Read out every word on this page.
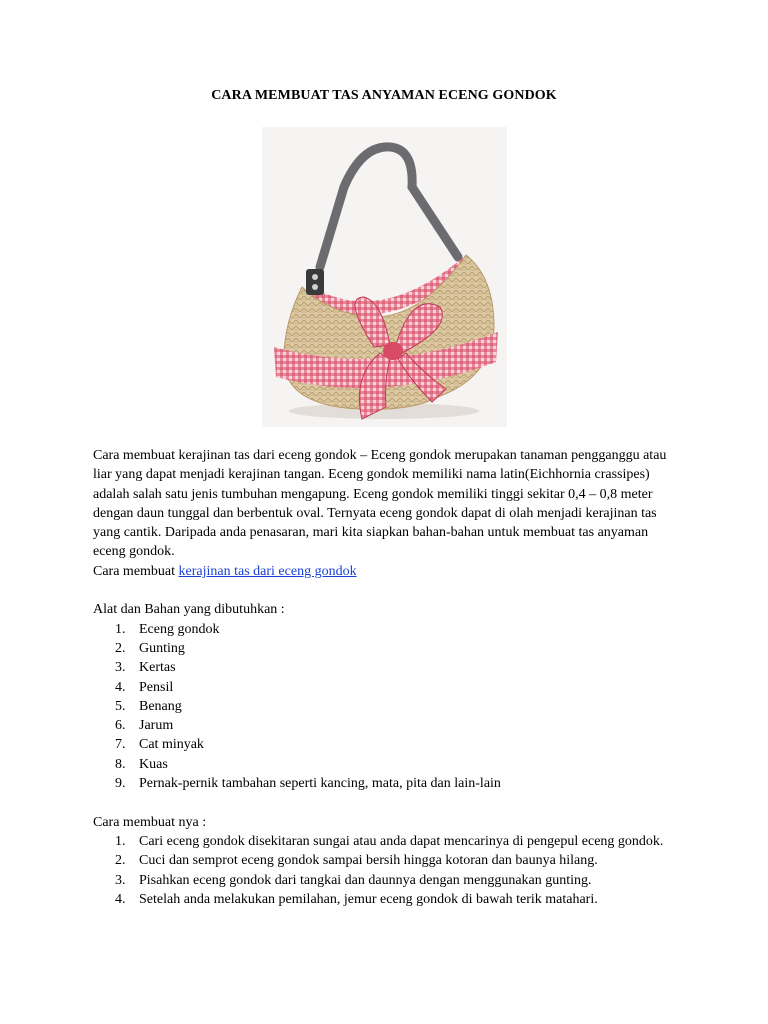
CARA MEMBUAT TAS ANYAMAN ECENG GONDOK

Cara membuat kerajinan tas dari eceng gondok – Eceng gondok merupakan tanaman pengganggu atau liar yang dapat menjadi kerajinan tangan. Eceng gondok memiliki nama latin(Eichhornia crassipes) adalah salah satu jenis tumbuhan mengapung. Eceng gondok memiliki tinggi sekitar 0,4 – 0,8 meter dengan daun tunggal dan berbentuk oval. Ternyata eceng gondok dapat di olah menjadi kerajinan tas yang cantik. Daripada anda penasaran, mari kita siapkan bahan-bahan untuk membuat tas anyaman eceng gondok.

Cara membuat kerajinan tas dari eceng gondok

Alat dan Bahan yang dibutuhkan :

1. Eceng gondok
2. Gunting
3. Kertas
4. Pensil
5. Benang
6. Jarum
7. Cat minyak
8. Kuas
9. Pernak-pernik tambahan seperti kancing, mata, pita dan lain-lain

Cara membuat nya :

1. Cari eceng gondok disekitaran sungai atau anda dapat mencarinya di pengepul eceng gondok.
2. Cuci dan semprot eceng gondok sampai bersih hingga kotoran dan baunya hilang.
3. Pisahkan eceng gondok dari tangkai dan daunnya dengan menggunakan gunting.
4. Setelah anda melakukan pemilahan, jemur eceng gondok di bawah terik matahari.
